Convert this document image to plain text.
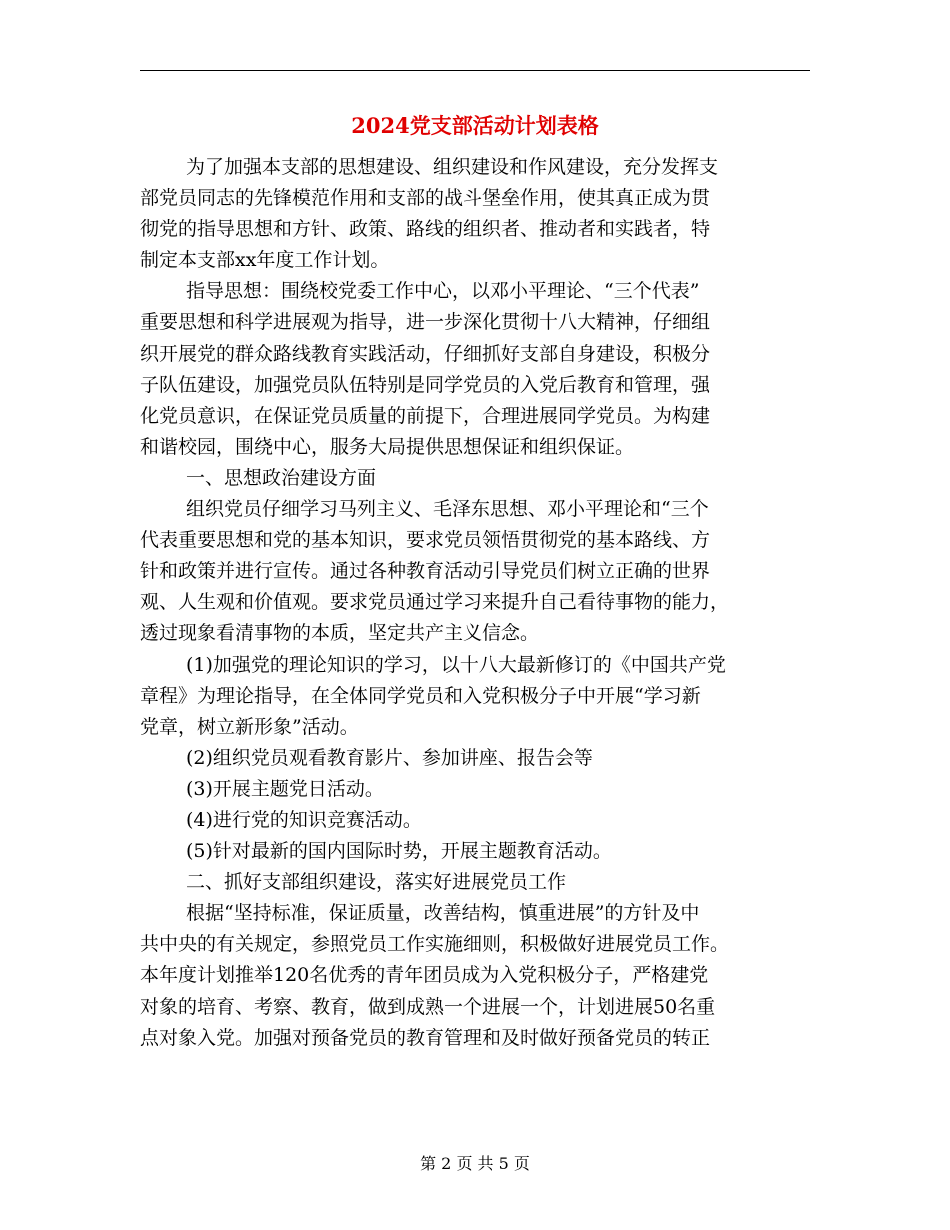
2024党支部活动计划表格
为了加强本支部的思想建设、组织建设和作风建设，充分发挥支
部党员同志的先锋模范作用和支部的战斗堡垒作用，使其真正成为贯
彻党的指导思想和方针、政策、路线的组织者、推动者和实践者，特
制定本支部xx年度工作计划。
指导思想：围绕校党委工作中心，以邓小平理论、“三个代表”
重要思想和科学进展观为指导，进一步深化贯彻十八大精神，仔细组
织开展党的群众路线教育实践活动，仔细抓好支部自身建设，积极分
子队伍建设，加强党员队伍特别是同学党员的入党后教育和管理，强
化党员意识，在保证党员质量的前提下，合理进展同学党员。为构建
和谐校园，围绕中心，服务大局提供思想保证和组织保证。
一、思想政治建设方面
组织党员仔细学习马列主义、毛泽东思想、邓小平理论和“三个
代表重要思想和党的基本知识，要求党员领悟贯彻党的基本路线、方
针和政策并进行宣传。通过各种教育活动引导党员们树立正确的世界
观、人生观和价值观。要求党员通过学习来提升自己看待事物的能力，
透过现象看清事物的本质，坚定共产主义信念。
(1)加强党的理论知识的学习，以十八大最新修订的《中国共产党
章程》为理论指导，在全体同学党员和入党积极分子中开展“学习新
党章，树立新形象”活动。
(2)组织党员观看教育影片、参加讲座、报告会等
(3)开展主题党日活动。
(4)进行党的知识竞赛活动。
(5)针对最新的国内国际时势，开展主题教育活动。
二、抓好支部组织建设，落实好进展党员工作
根据“坚持标准，保证质量，改善结构，慎重进展”的方针及中
共中央的有关规定，参照党员工作实施细则，积极做好进展党员工作。
本年度计划推举120名优秀的青年团员成为入党积极分子，严格建党
对象的培育、考察、教育，做到成熟一个进展一个，计划进展50名重
点对象入党。加强对预备党员的教育管理和及时做好预备党员的转正
第 2 页 共 5 页
